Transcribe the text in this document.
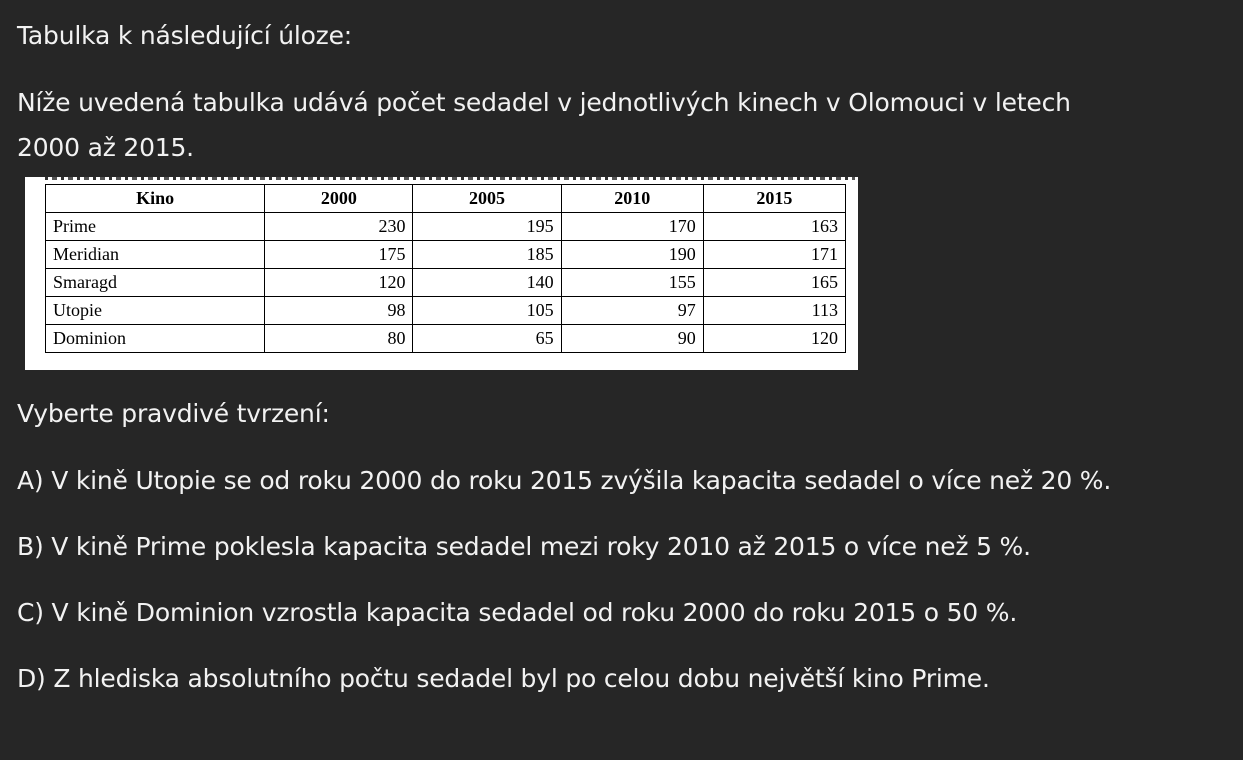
Tabulka k následující úloze:
Níže uvedená tabulka udává počet sedadel v jednotlivých kinech v Olomouci v letech
2000 až 2015.
Kino	2000	2005	2010	2015
Prime	230	195	170	163
Meridian	175	185	190	171
Smaragd	120	140	155	165
Utopie	98	105	97	113
Dominion	80	65	90	120
Vyberte pravdivé tvrzení:
A) V kině Utopie se od roku 2000 do roku 2015 zvýšila kapacita sedadel o více než 20 %.
B) V kině Prime poklesla kapacita sedadel mezi roky 2010 až 2015 o více než 5 %.
C) V kině Dominion vzrostla kapacita sedadel od roku 2000 do roku 2015 o 50 %.
D) Z hlediska absolutního počtu sedadel byl po celou dobu největší kino Prime.
